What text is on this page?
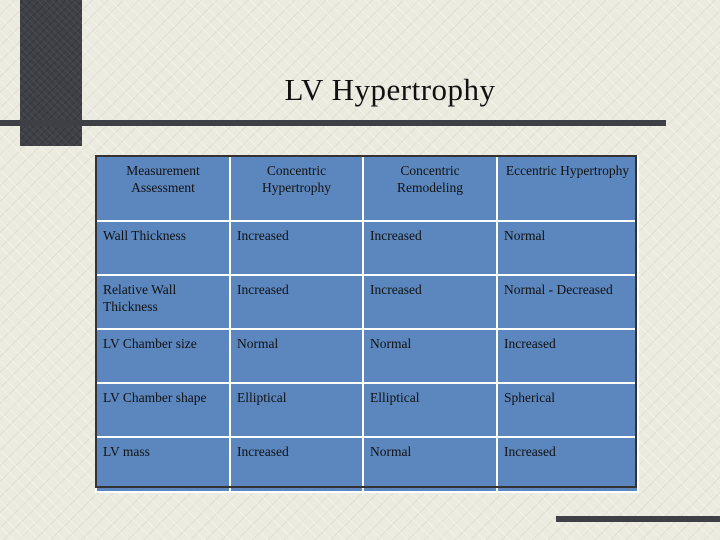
LV Hypertrophy
Measurement Assessment	Concentric Hypertrophy	Concentric Remodeling	Eccentric Hypertrophy
Wall Thickness	Increased	Increased	Normal
Relative Wall Thickness	Increased	Increased	Normal - Decreased
LV Chamber size	Normal	Normal	Increased
LV Chamber shape	Elliptical	Elliptical	Spherical
LV mass	Increased	Normal	Increased
